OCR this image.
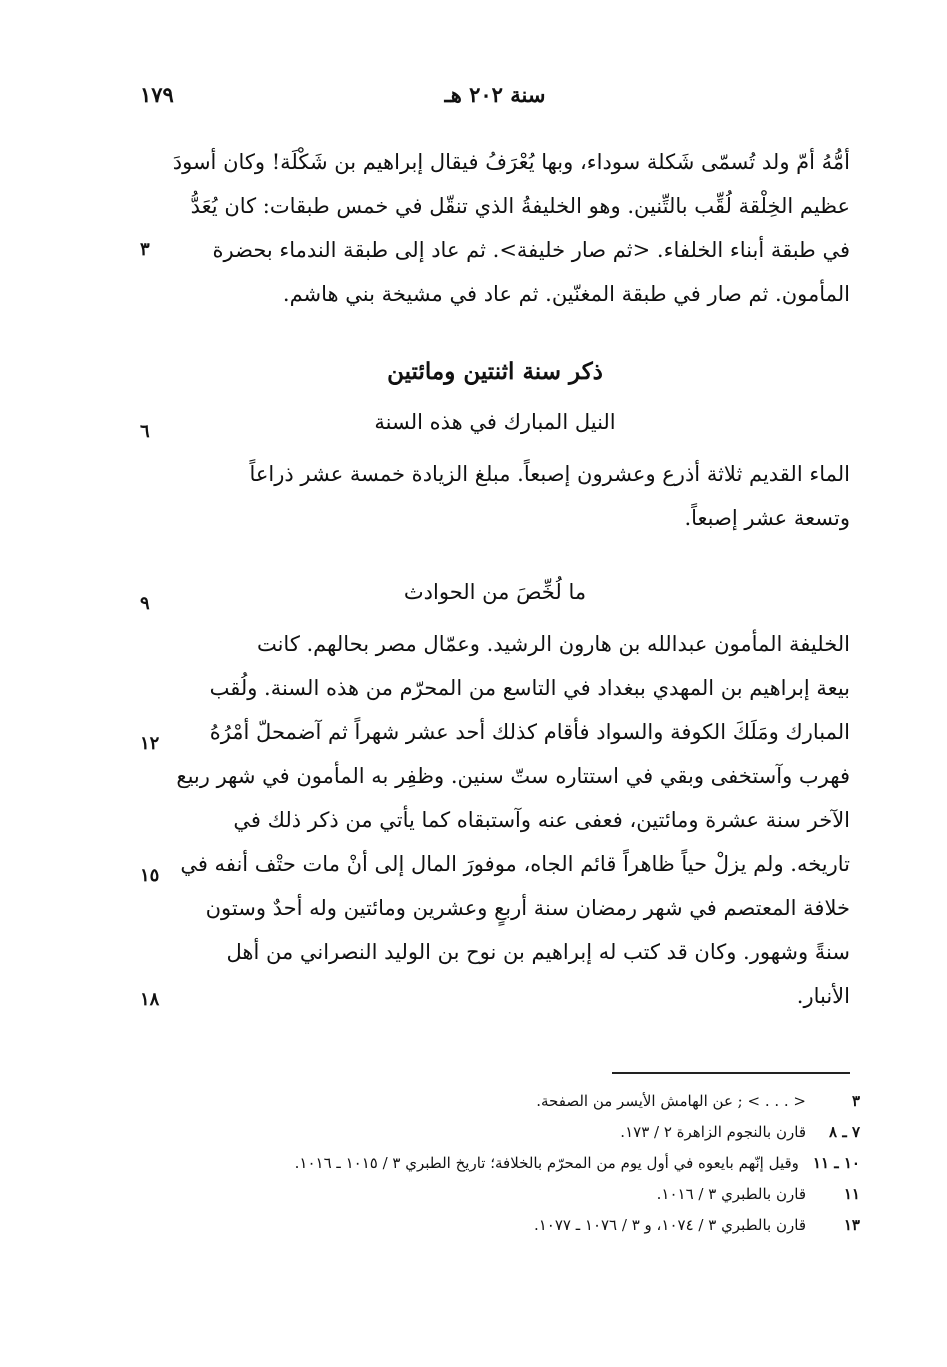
سنة ٢٠٢ هـ
١٧٩
أمُّهُ أمّ ولد تُسمّى شَكلة سوداء، وبها يُعْرَفُ فيقال إبراهيم بن شَكْلَة! وكان أسودَ
عظيم الخِلْقة لُقِّب بالتِّنين. وهو الخليفةُ الذي تنقّل في خمس طبقات: كان يُعَدُّ
في طبقة أبناء الخلفاء. <ثم صار خليفة>. ثم عاد إلى طبقة الندماء بحضرة
المأمون. ثم صار في طبقة المغنّين. ثم عاد في مشيخة بني هاشم.
٣
ذكر سنة اثنتين ومائتين
النيل المبارك في هذه السنة
٦
الماء القديم ثلاثة أذرع وعشرون إصبعاً. مبلغ الزيادة خمسة عشر ذراعاً
وتسعة عشر إصبعاً.
ما لُخِّصَ من الحوادث
٩
الخليفة المأمون عبدالله بن هارون الرشيد. وعمّال مصر بحالهم. كانت
بيعة إبراهيم بن المهدي ببغداد في التاسع من المحرّم من هذه السنة. ولُقب
المبارك ومَلَكَ الكوفة والسواد فأقام كذلك أحد عشر شهراً ثم آضمحلّ أمْرُهُ
فهرب وآستخفى وبقي في استتاره ستّ سنين. وظفِر به المأمون في شهر ربيع
الآخر سنة عشرة ومائتين، فعفى عنه وآستبقاه كما يأتي من ذكر ذلك في
تاريخه. ولم يزلْ حياً ظاهراً قائم الجاه، موفورَ المال إلى أنْ مات حتْف أنفه في
خلافة المعتصم في شهر رمضان سنة أربعٍ وعشرين ومائتين وله أحدٌ وستون
سنةً وشهور. وكان قد كتب له إبراهيم بن نوح بن الوليد النصراني من أهل
الأنبار.
١٢
١٥
١٨
٣
< . . . > ; عن الهامش الأيسر من الصفحة.
٧ ـ ٨
قارن بالنجوم الزاهرة ٢ / ١٧٣.
١٠ ـ ١١
وقيل إنّهم بايعوه في أول يوم من المحرّم بالخلافة؛ تاريخ الطبري ٣ / ١٠١٥ ـ ١٠١٦.
١١
قارن بالطبري ٣ / ١٠١٦.
١٣
قارن بالطبري ٣ / ١٠٧٤، و ٣ / ١٠٧٦ ـ ١٠٧٧.
